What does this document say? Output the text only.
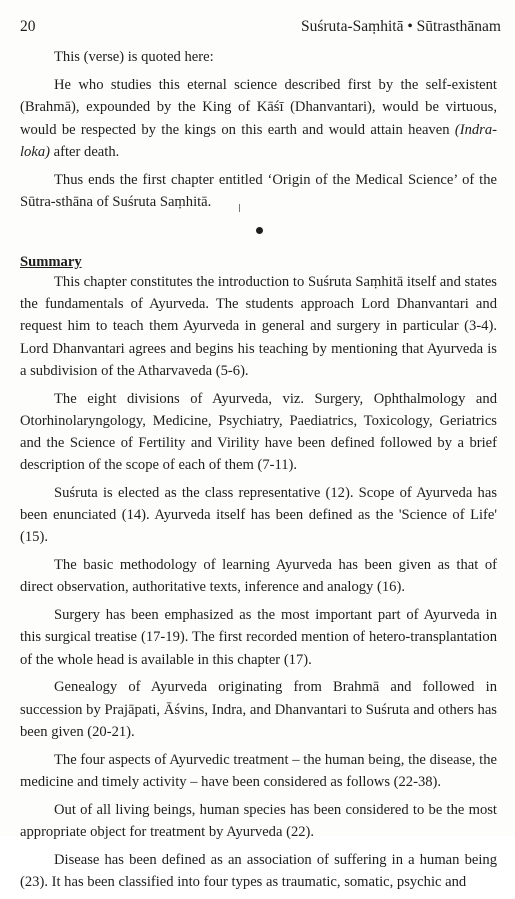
20	Suśruta-Saṃhitā • Sūtrasthānam

This (verse) is quoted here:

He who studies this eternal science described first by the self-existent (Brahmā), expounded by the King of Kāśī (Dhanvantari), would be virtuous, would be respected by the kings on this earth and would attain heaven (Indra-loka) after death.

Thus ends the first chapter entitled ‘Origin of the Medical Science’ of the Sūtra-sthāna of Suśruta Saṃhitā.

Summary

This chapter constitutes the introduction to Suśruta Saṃhitā itself and states the fundamentals of Ayurveda. The students approach Lord Dhanvantari and request him to teach them Ayurveda in general and surgery in particular (3-4). Lord Dhanvantari agrees and begins his teaching by mentioning that Ayurveda is a subdivision of the Atharvaveda (5-6).

The eight divisions of Ayurveda, viz. Surgery, Ophthalmology and Otorhinolaryngology, Medicine, Psychiatry, Paediatrics, Toxicology, Geriatrics and the Science of Fertility and Virility have been defined followed by a brief description of the scope of each of them (7-11).

Suśruta is elected as the class representative (12). Scope of Ayurveda has been enunciated (14). Ayurveda itself has been defined as the 'Science of Life' (15).

The basic methodology of learning Ayurveda has been given as that of direct observation, authoritative texts, inference and analogy (16).

Surgery has been emphasized as the most important part of Ayurveda in this surgical treatise (17-19). The first recorded mention of hetero-transplantation of the whole head is available in this chapter (17).

Genealogy of Ayurveda originating from Brahmā and followed in succession by Prajāpati, Āśvins, Indra, and Dhanvantari to Suśruta and others has been given (20-21).

The four aspects of Ayurvedic treatment – the human being, the disease, the medicine and timely activity – have been considered as follows (22-38).

Out of all living beings, human species has been considered to be the most appropriate object for treatment by Ayurveda (22).

Disease has been defined as an association of suffering in a human being (23). It has been classified into four types as traumatic, somatic, psychic and
